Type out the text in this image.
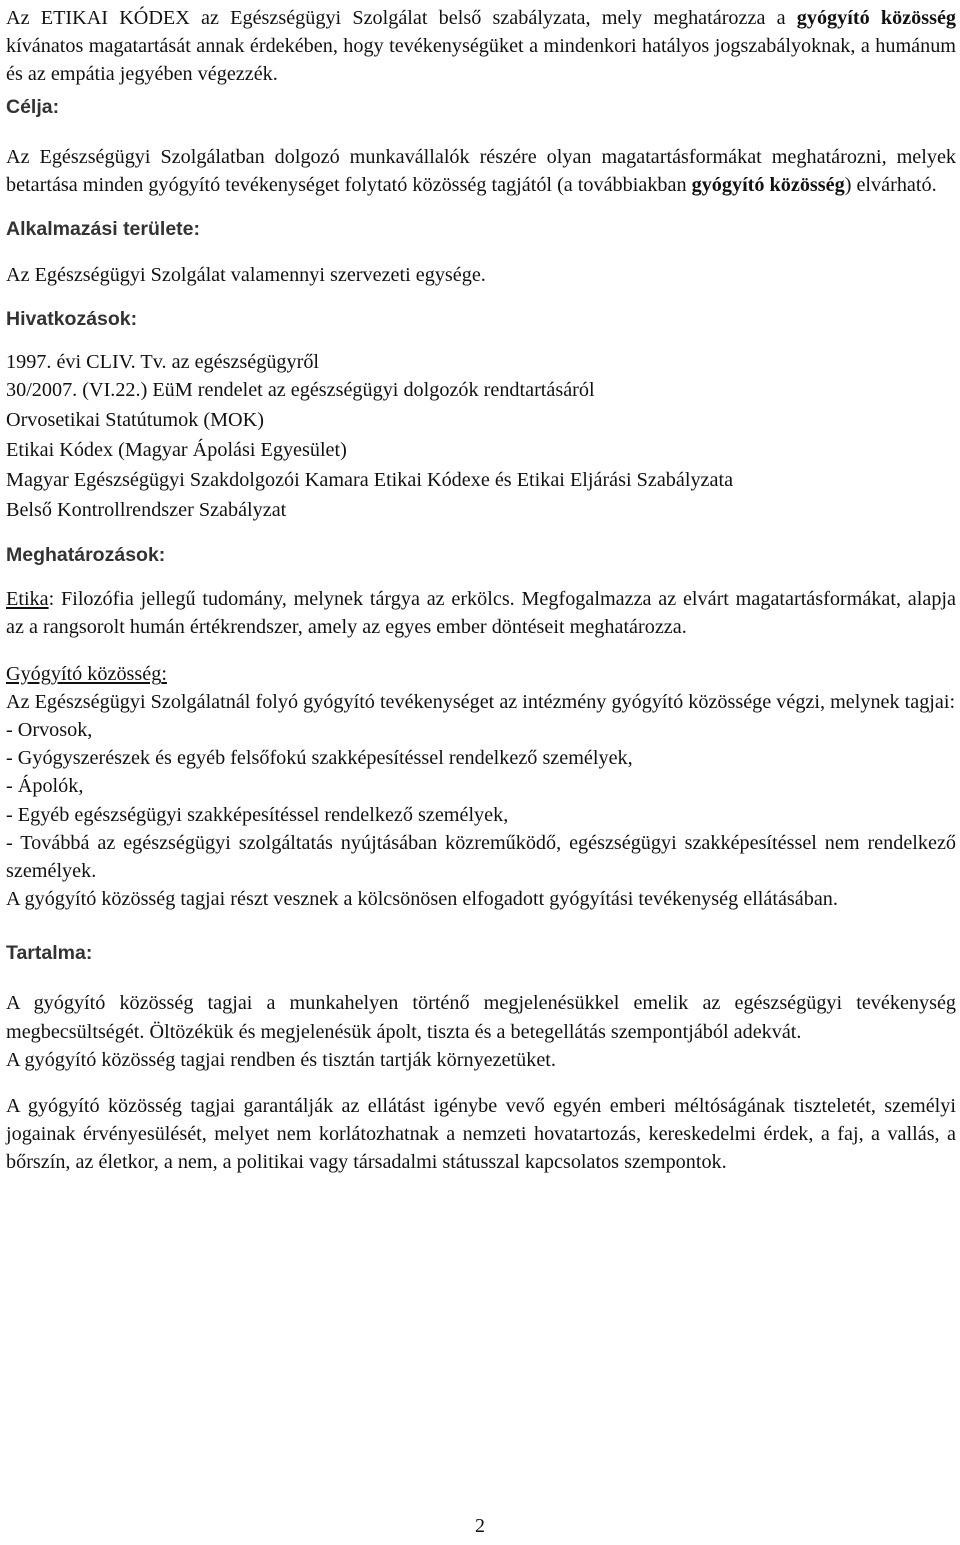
Az ETIKAI KÓDEX az Egészségügyi Szolgálat belső szabályzata, mely meghatározza a gyógyító közösség kívánatos magatartását annak érdekében, hogy tevékenységüket a mindenkori hatályos jogszabályoknak, a humánum és az empátia jegyében végezzék.

Célja:

Az Egészségügyi Szolgálatban dolgozó munkavállalók részére olyan magatartásformákat meghatározni, melyek betartása minden gyógyító tevékenységet folytató közösség tagjától (a továbbiakban gyógyító közösség) elvárható.

Alkalmazási területe:

Az Egészségügyi Szolgálat valamennyi szervezeti egysége.

Hivatkozások:

1997. évi CLIV. Tv. az egészségügyről

30/2007. (VI.22.) EüM rendelet az egészségügyi dolgozók rendtartásáról

Orvosetikai Statútumok (MOK)

Etikai Kódex (Magyar Ápolási Egyesület)

Magyar Egészségügyi Szakdolgozói Kamara Etikai Kódexe és Etikai Eljárási Szabályzata

Belső Kontrollrendszer Szabályzat

Meghatározások:

Etika: Filozófia jellegű tudomány, melynek tárgya az erkölcs. Megfogalmazza az elvárt magatartásformákat, alapja az a rangsorolt humán értékrendszer, amely az egyes ember döntéseit meghatározza.

Gyógyító közösség:

Az Egészségügyi Szolgálatnál folyó gyógyító tevékenységet az intézmény gyógyító közössége végzi, melynek tagjai:

- Orvosok,

- Gyógyszerészek és egyéb felsőfokú szakképesítéssel rendelkező személyek,

- Ápolók,

- Egyéb egészségügyi szakképesítéssel rendelkező személyek,

- Továbbá az egészségügyi szolgáltatás nyújtásában közreműködő, egészségügyi szakképesítéssel nem rendelkező személyek.

A gyógyító közösség tagjai részt vesznek a kölcsönösen elfogadott gyógyítási tevékenység ellátásában.

Tartalma:

A gyógyító közösség tagjai a munkahelyen történő megjelenésükkel emelik az egészségügyi tevékenység megbecsültségét. Öltözékük és megjelenésük ápolt, tiszta és a betegellátás szempontjából adekvát.

A gyógyító közösség tagjai rendben és tisztán tartják környezetüket.

A gyógyító közösség tagjai garantálják az ellátást igénybe vevő egyén emberi méltóságának tiszteletét, személyi jogainak érvényesülését, melyet nem korlátozhatnak a nemzeti hovatartozás, kereskedelmi érdek, a faj, a vallás, a bőrszín, az életkor, a nem, a politikai vagy társadalmi státusszal kapcsolatos szempontok.

2
